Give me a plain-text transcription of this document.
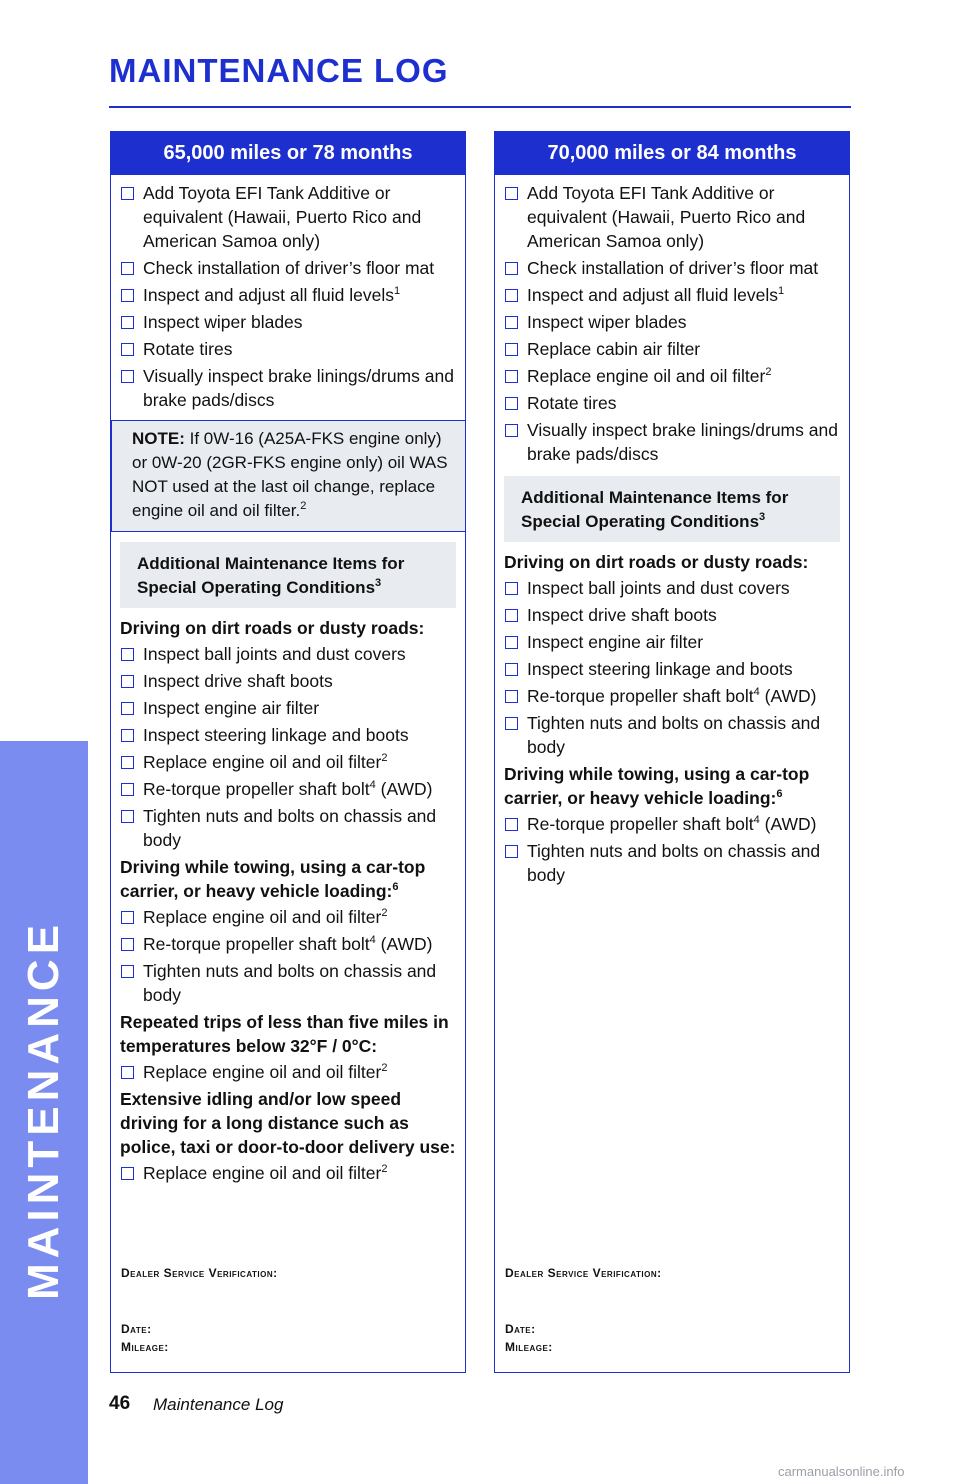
MAINTENANCE
MAINTENANCE LOG
65,000 miles or 78 months
Add Toyota EFI Tank Additive or equivalent (Hawaii, Puerto Rico and American Samoa only)
Check installation of driver’s floor mat
Inspect and adjust all fluid levels$^1$
Inspect wiper blades
Rotate tires
Visually inspect brake linings/drums and brake pads/discs
NOTE: If 0W-16 (A25A-FKS engine only) or 0W-20 (2GR-FKS engine only) oil WAS NOT used at the last oil change, replace engine oil and oil filter.$^2$
Additional Maintenance Items for Special Operating Conditions$^3$
Driving on dirt roads or dusty roads:
Inspect ball joints and dust covers
Inspect drive shaft boots
Inspect engine air filter
Inspect steering linkage and boots
Replace engine oil and oil filter$^2$
Re-torque propeller shaft bolt$^4$ (AWD)
Tighten nuts and bolts on chassis and body
Driving while towing, using a car-top carrier, or heavy vehicle loading:$^6$
Replace engine oil and oil filter$^2$
Re-torque propeller shaft bolt$^4$ (AWD)
Tighten nuts and bolts on chassis and body
Repeated trips of less than five miles in temperatures below 32°F / 0°C:
Replace engine oil and oil filter$^2$
Extensive idling and/or low speed driving for a long distance such as police, taxi or door-to-door delivery use:
Replace engine oil and oil filter$^2$
Dealer Service Verification:
Date:
Mileage:
70,000 miles or 84 months
Add Toyota EFI Tank Additive or equivalent (Hawaii, Puerto Rico and American Samoa only)
Check installation of driver’s floor mat
Inspect and adjust all fluid levels$^1$
Inspect wiper blades
Replace cabin air filter
Replace engine oil and oil filter$^2$
Rotate tires
Visually inspect brake linings/drums and brake pads/discs
Additional Maintenance Items for Special Operating Conditions$^3$
Driving on dirt roads or dusty roads:
Inspect ball joints and dust covers
Inspect drive shaft boots
Inspect engine air filter
Inspect steering linkage and boots
Re-torque propeller shaft bolt$^4$ (AWD)
Tighten nuts and bolts on chassis and body
Driving while towing, using a car-top carrier, or heavy vehicle loading:$^6$
Re-torque propeller shaft bolt$^4$ (AWD)
Tighten nuts and bolts on chassis and body
Dealer Service Verification:
Date:
Mileage:
46 Maintenance Log
carmanualsonline.info
